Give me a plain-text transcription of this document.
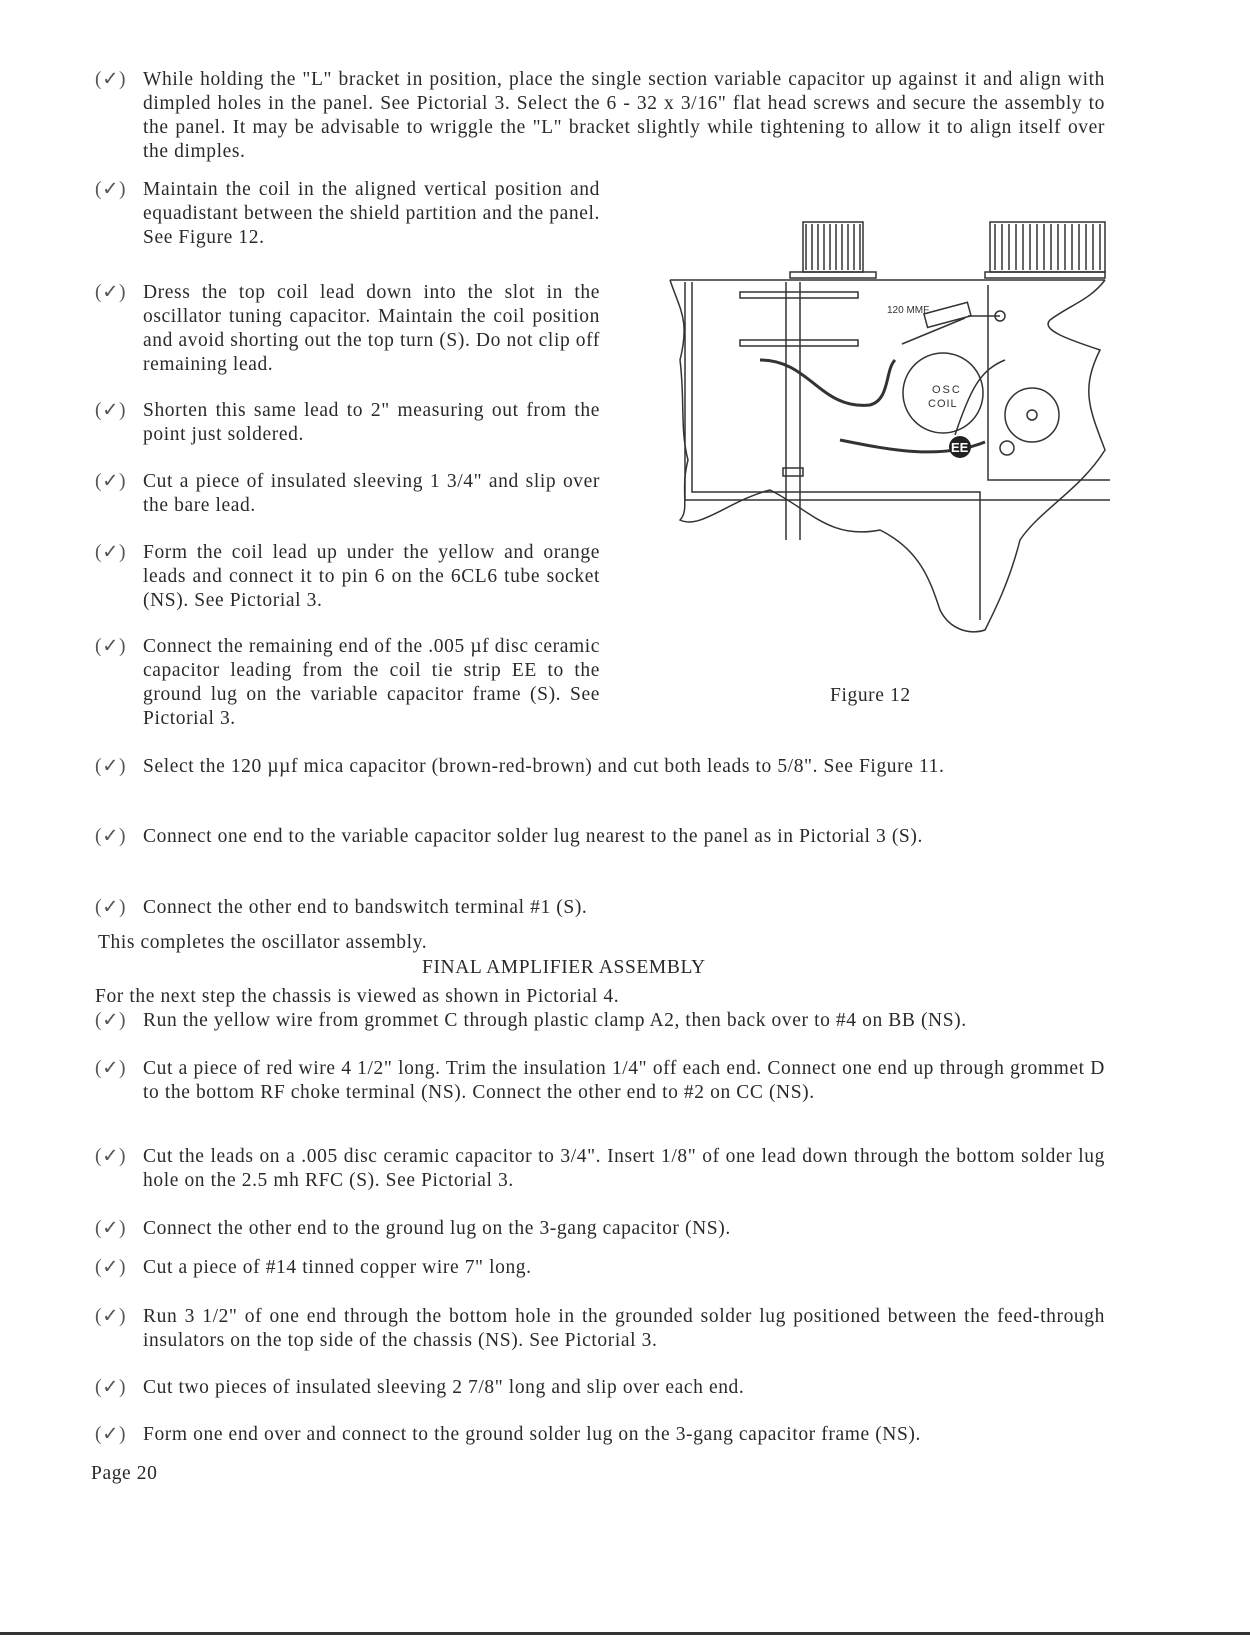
(✓) While holding the "L" bracket in position, place the single section variable capacitor up against it and align with dimpled holes in the panel. See Pictorial 3. Select the 6 - 32 x 3/16" flat head screws and secure the assembly to the panel. It may be advisable to wriggle the "L" bracket slightly while tightening to allow it to align itself over the dimples.
(✓) Maintain the coil in the aligned vertical position and equadistant between the shield partition and the panel. See Figure 12.
(✓) Dress the top coil lead down into the slot in the oscillator tuning capacitor. Maintain the coil position and avoid shorting out the top turn (S). Do not clip off remaining lead.
(✓) Shorten this same lead to 2" measuring out from the point just soldered.
(✓) Cut a piece of insulated sleeving 1 3/4" and slip over the bare lead.
(✓) Form the coil lead up under the yellow and orange leads and connect it to pin 6 on the 6CL6 tube socket (NS). See Pictorial 3.
(✓) Connect the remaining end of the .005 µf disc ceramic capacitor leading from the coil tie strip EE to the ground lug on the variable capacitor frame (S). See Pictorial 3.
(✓) Select the 120 µµf mica capacitor (brown-red-brown) and cut both leads to 5/8". See Figure 11.
(✓) Connect one end to the variable capacitor solder lug nearest to the panel as in Pictorial 3 (S).
(✓) Connect the other end to bandswitch terminal #1 (S).
This completes the oscillator assembly.
FINAL AMPLIFIER ASSEMBLY
For the next step the chassis is viewed as shown in Pictorial 4.
(✓) Run the yellow wire from grommet C through plastic clamp A2, then back over to #4 on BB (NS).
(✓) Cut a piece of red wire 4 1/2" long. Trim the insulation 1/4" off each end. Connect one end up through grommet D to the bottom RF choke terminal (NS). Connect the other end to #2 on CC (NS).
(✓) Cut the leads on a .005 disc ceramic capacitor to 3/4". Insert 1/8" of one lead down through the bottom solder lug hole on the 2.5 mh RFC (S). See Pictorial 3.
(✓) Connect the other end to the ground lug on the 3-gang capacitor (NS).
(✓) Cut a piece of #14 tinned copper wire 7" long.
(✓) Run 3 1/2" of one end through the bottom hole in the grounded solder lug positioned between the feed-through insulators on the top side of the chassis (NS). See Pictorial 3.
(✓) Cut two pieces of insulated sleeving 2 7/8" long and slip over each end.
(✓) Form one end over and connect to the ground solder lug on the 3-gang capacitor frame (NS).
120 MMF
OSC
COIL
EE
Figure 12
Page 20
